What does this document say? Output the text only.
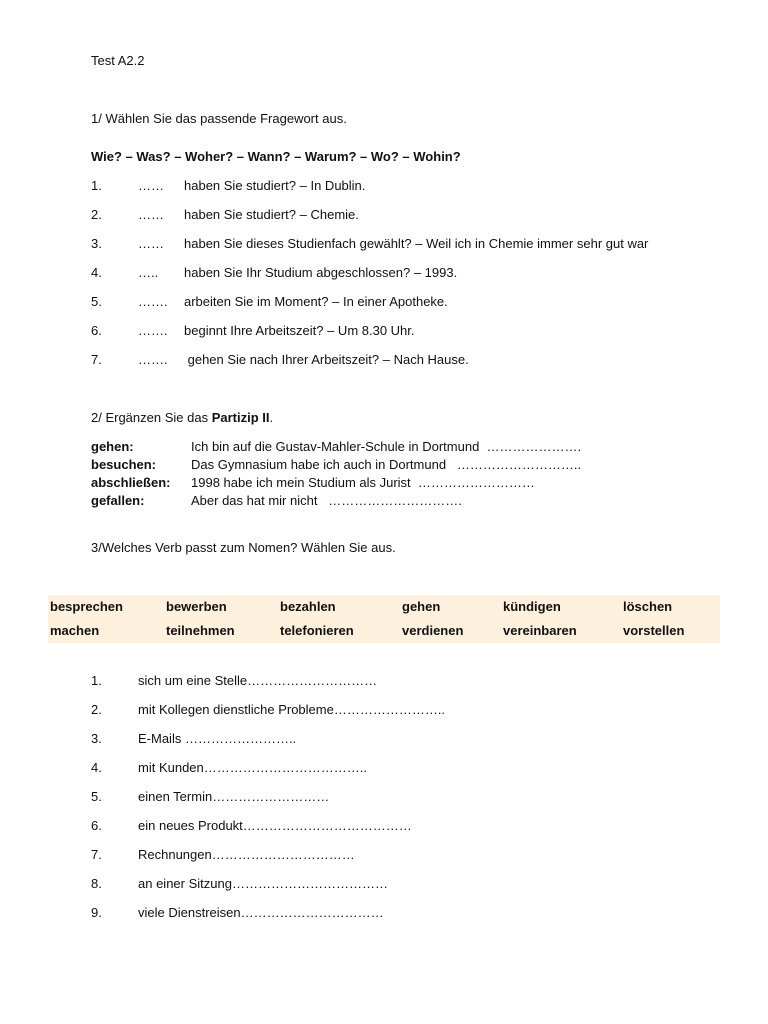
Test A2.2
1/ Wählen Sie das passende Fragewort aus.
Wie? – Was? – Woher? – Wann? – Warum? – Wo? – Wohin?
1.	…… haben Sie studiert? – In Dublin.
2.	…… haben Sie studiert? – Chemie.
3.	…… haben Sie dieses Studienfach gewählt? – Weil ich in Chemie immer sehr gut war
4.	….. haben Sie Ihr Studium abgeschlossen? – 1993.
5.	……. arbeiten Sie im Moment? – In einer Apotheke.
6.	……. beginnt Ihre Arbeitszeit? – Um 8.30 Uhr.
7.	……. gehen Sie nach Ihrer Arbeitszeit? – Nach Hause.
2/ Ergänzen Sie das Partizip II.
gehen:	Ich bin auf die Gustav-Mahler-Schule in Dortmund  ………………….
besuchen:	Das Gymnasium habe ich auch in Dortmund   ………………………..
abschließen: 1998 habe ich mein Studium als Jurist  ………………………
gefallen:	Aber das hat mir nicht   ………………………….
3/Welches Verb passt zum Nomen? Wählen Sie aus.
besprechen	bewerben	bezahlen	gehen	kündigen	löschen
machen	teilnehmen	telefonieren	verdienen	vereinbaren	vorstellen
1.	sich um eine Stelle…………………………
2.	mit Kollegen dienstliche Probleme……………………..
3.	E-Mails ……………………..
4.	mit Kunden………………………………..
5.	einen Termin………………………
6.	ein neues Produkt…………………………………
7.	Rechnungen……………………………
8.	an einer Sitzung………………………………
9.	viele Dienstreisen……………………………
